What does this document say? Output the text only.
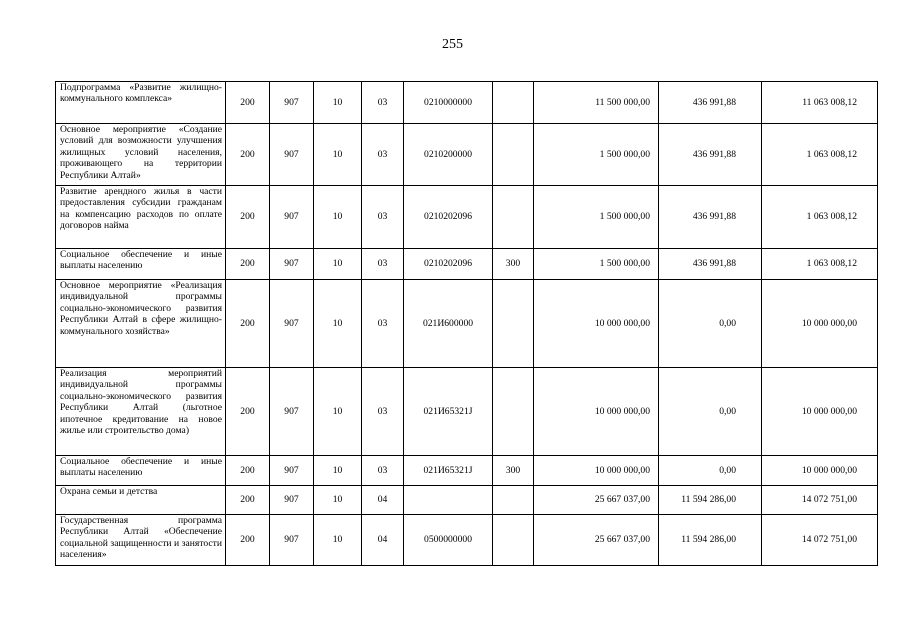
255
Подпрограмма «Развитие жилищно-коммунального комплекса»	200	907	10	03	0210000000		11 500 000,00	436 991,88	11 063 008,12
Основное мероприятие «Создание условий для возможности улучшения жилищных условий населения, проживающего на территории Республики Алтай»	200	907	10	03	0210200000		1 500 000,00	436 991,88	1 063 008,12
Развитие арендного жилья в части предоставления субсидии гражданам на компенсацию расходов по оплате договоров найма	200	907	10	03	0210202096		1 500 000,00	436 991,88	1 063 008,12
Социальное обеспечение и иные выплаты населению	200	907	10	03	0210202096	300	1 500 000,00	436 991,88	1 063 008,12
Основное мероприятие «Реализация индивидуальной программы социально-экономического развития Республики Алтай в сфере жилищно-коммунального хозяйства»	200	907	10	03	021И600000		10 000 000,00	0,00	10 000 000,00
Реализация мероприятий индивидуальной программы социально-экономического развития Республики Алтай (льготное ипотечное кредитование на новое жилье или строительство дома)	200	907	10	03	021И65321J		10 000 000,00	0,00	10 000 000,00
Социальное обеспечение и иные выплаты населению	200	907	10	03	021И65321J	300	10 000 000,00	0,00	10 000 000,00
Охрана семьи и детства	200	907	10	04			25 667 037,00	11 594 286,00	14 072 751,00
Государственная программа Республики Алтай «Обеспечение социальной защищенности и занятости населения»	200	907	10	04	0500000000		25 667 037,00	11 594 286,00	14 072 751,00
